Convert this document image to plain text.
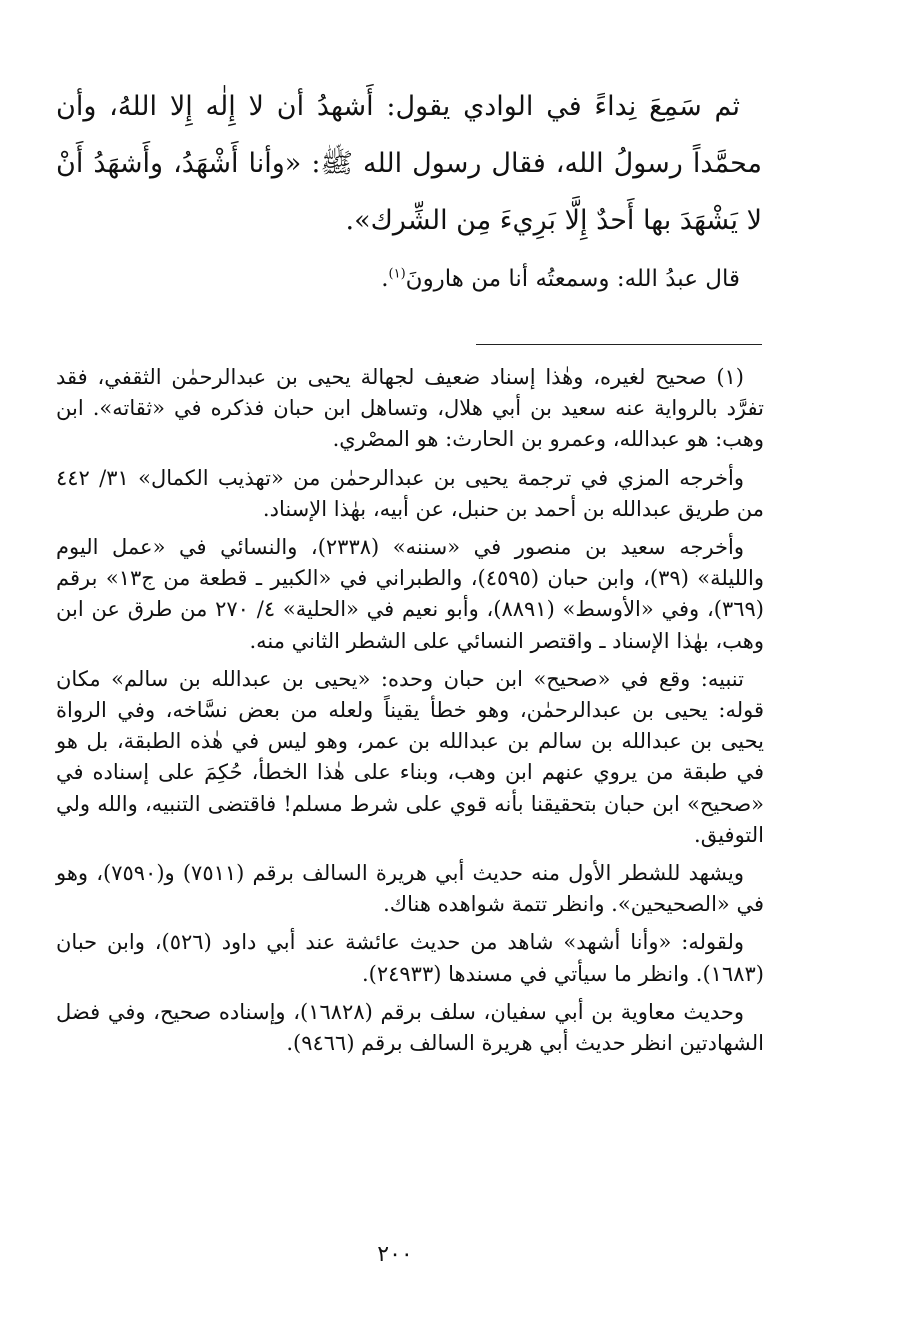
ثم سَمِعَ نِداءً في الوادي يقول: أَشهدُ أن لا إِلٰه إِلا اللهُ، وأن محمَّداً رسولُ الله، فقال رسول الله ﷺ: «وأنا أَشْهَدُ، وأَشهَدُ أَنْ لا يَشْهَدَ بها أَحدٌ إِلَّا بَرِيءَ مِن الشِّرك».

قال عبدُ الله: وسمعتُه أنا من هارونَ$^{(١)}$.

(١) صحيح لغيره، وهٰذا إسناد ضعيف لجهالة يحيى بن عبدالرحمٰن الثقفي، فقد تفرَّد بالرواية عنه سعيد بن أبي هلال، وتساهل ابن حبان فذكره في «ثقاته». ابن وهب: هو عبدالله، وعمرو بن الحارث: هو المصْري.

وأخرجه المزي في ترجمة يحيى بن عبدالرحمٰن من «تهذيب الكمال» ٣١/ ٤٤٢ من طريق عبدالله بن أحمد بن حنبل، عن أبيه، بهٰذا الإسناد.

وأخرجه سعيد بن منصور في «سننه» (٢٣٣٨)، والنسائي في «عمل اليوم والليلة» (٣٩)، وابن حبان (٤٥٩٥)، والطبراني في «الكبير ـ قطعة من ج١٣» برقم (٣٦٩)، وفي «الأوسط» (٨٨٩١)، وأبو نعيم في «الحلية» ٤/ ٢٧٠ من طرق عن ابن وهب، بهٰذا الإسناد ـ واقتصر النسائي على الشطر الثاني منه.

تنبيه: وقع في «صحيح» ابن حبان وحده: «يحيى بن عبدالله بن سالم» مكان قوله: يحيى بن عبدالرحمٰن، وهو خطأ يقيناً ولعله من بعض نسَّاخه، وفي الرواة يحيى بن عبدالله بن سالم بن عبدالله بن عمر، وهو ليس في هٰذه الطبقة، بل هو في طبقة من يروي عنهم ابن وهب، وبناء على هٰذا الخطأ، حُكِمَ على إسناده في «صحيح» ابن حبان بتحقيقنا بأنه قوي على شرط مسلم! فاقتضى التنبيه، والله ولي التوفيق.

ويشهد للشطر الأول منه حديث أبي هريرة السالف برقم (٧٥١١) و(٧٥٩٠)، وهو في «الصحيحين». وانظر تتمة شواهده هناك.

ولقوله: «وأنا أشهد» شاهد من حديث عائشة عند أبي داود (٥٢٦)، وابن حبان (١٦٨٣). وانظر ما سيأتي في مسندها (٢٤٩٣٣).

وحديث معاوية بن أبي سفيان، سلف برقم (١٦٨٢٨)، وإسناده صحيح، وفي فضل الشهادتين انظر حديث أبي هريرة السالف برقم (٩٤٦٦).

٢٠٠
